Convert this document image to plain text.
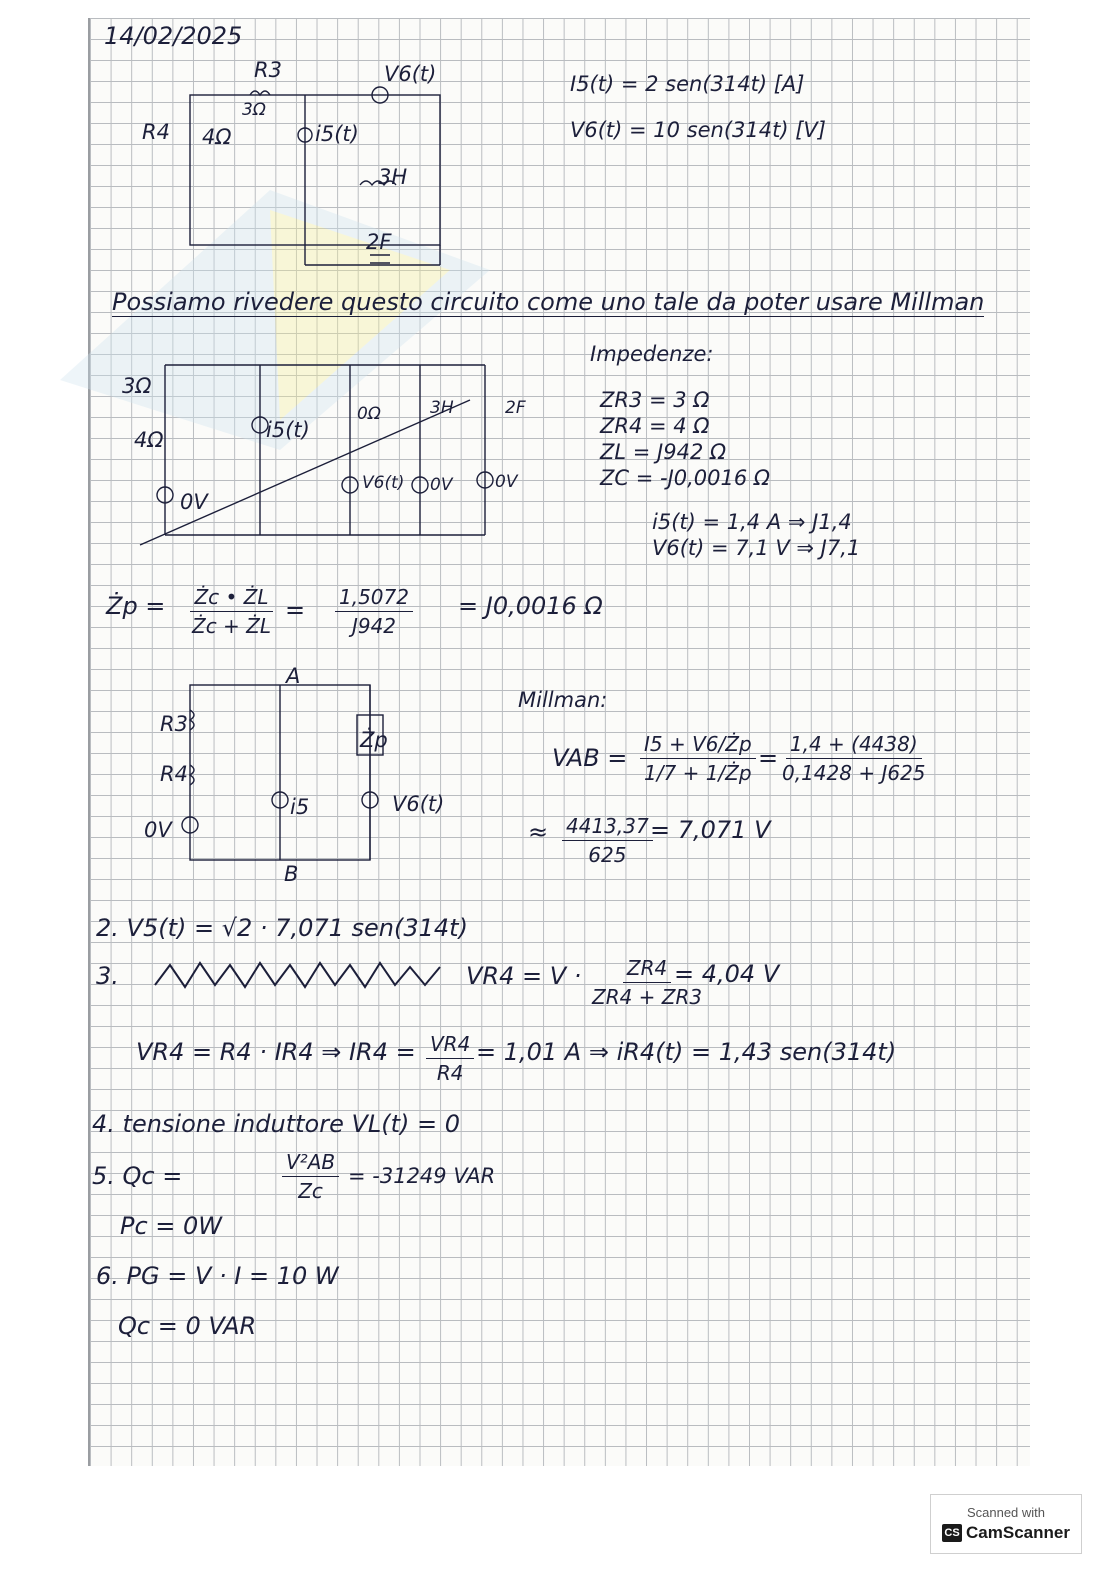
14/02/2025
R3
3Ω
R4 4Ω
V6(t)
i5(t)
3H
2F
I5(t) = 2 sen(314t) [A]
V6(t) = 10 sen(314t) [V]
Possiamo rivedere questo circuito come uno tale da poter usare Millman
3Ω
4Ω	i5(t)
0Ω	3H	2F
0V
V6(t) 0V	0V
Impedenze:
ZR3 = 3 Ω
ZR4 = 4 Ω
ZL = J942 Ω
ZC = -J0,0016 Ω
i5(t) = 1,4 A ⇒ J1,4
V6(t) = 7,1 V ⇒ J7,1
Żp = $\frac{Żc • ŻL}{Żc + ŻL} = \frac{1,5072}{J942} = J0,0016$ Ω
A
B
R3
R4
Żp
i5	V6(t)
0V
Millman:
VAB = $\frac{I5 + V6/Żp}{1/7 + 1/Żp} = \frac{1,4 + (4438)}{0,1428 + J625}$
≈ $\frac{4413,37}{625}$
= 7,071 V
2. V5(t) = √2 · 7,071 sen(314t)
3.	$VR4 = V \cdot \frac{ZR4}{ZR4 + ZR3}$
= 4,04 V
VR4 = R4 · IR4 ⇒ $IR4 = \frac{VR4}{R4} = 1,01$ A ⇒ iR4(t) = 1,43 sen(314t)
4. tensione induttore VL(t) = 0
5. Qc =	$\frac{\text{V²AB}}{Zc} = -31249$ VAR
Pc = 0W
6. PG = V · I = 10 W
Qc = 0 VAR
Scanned with
CS CamScanner
